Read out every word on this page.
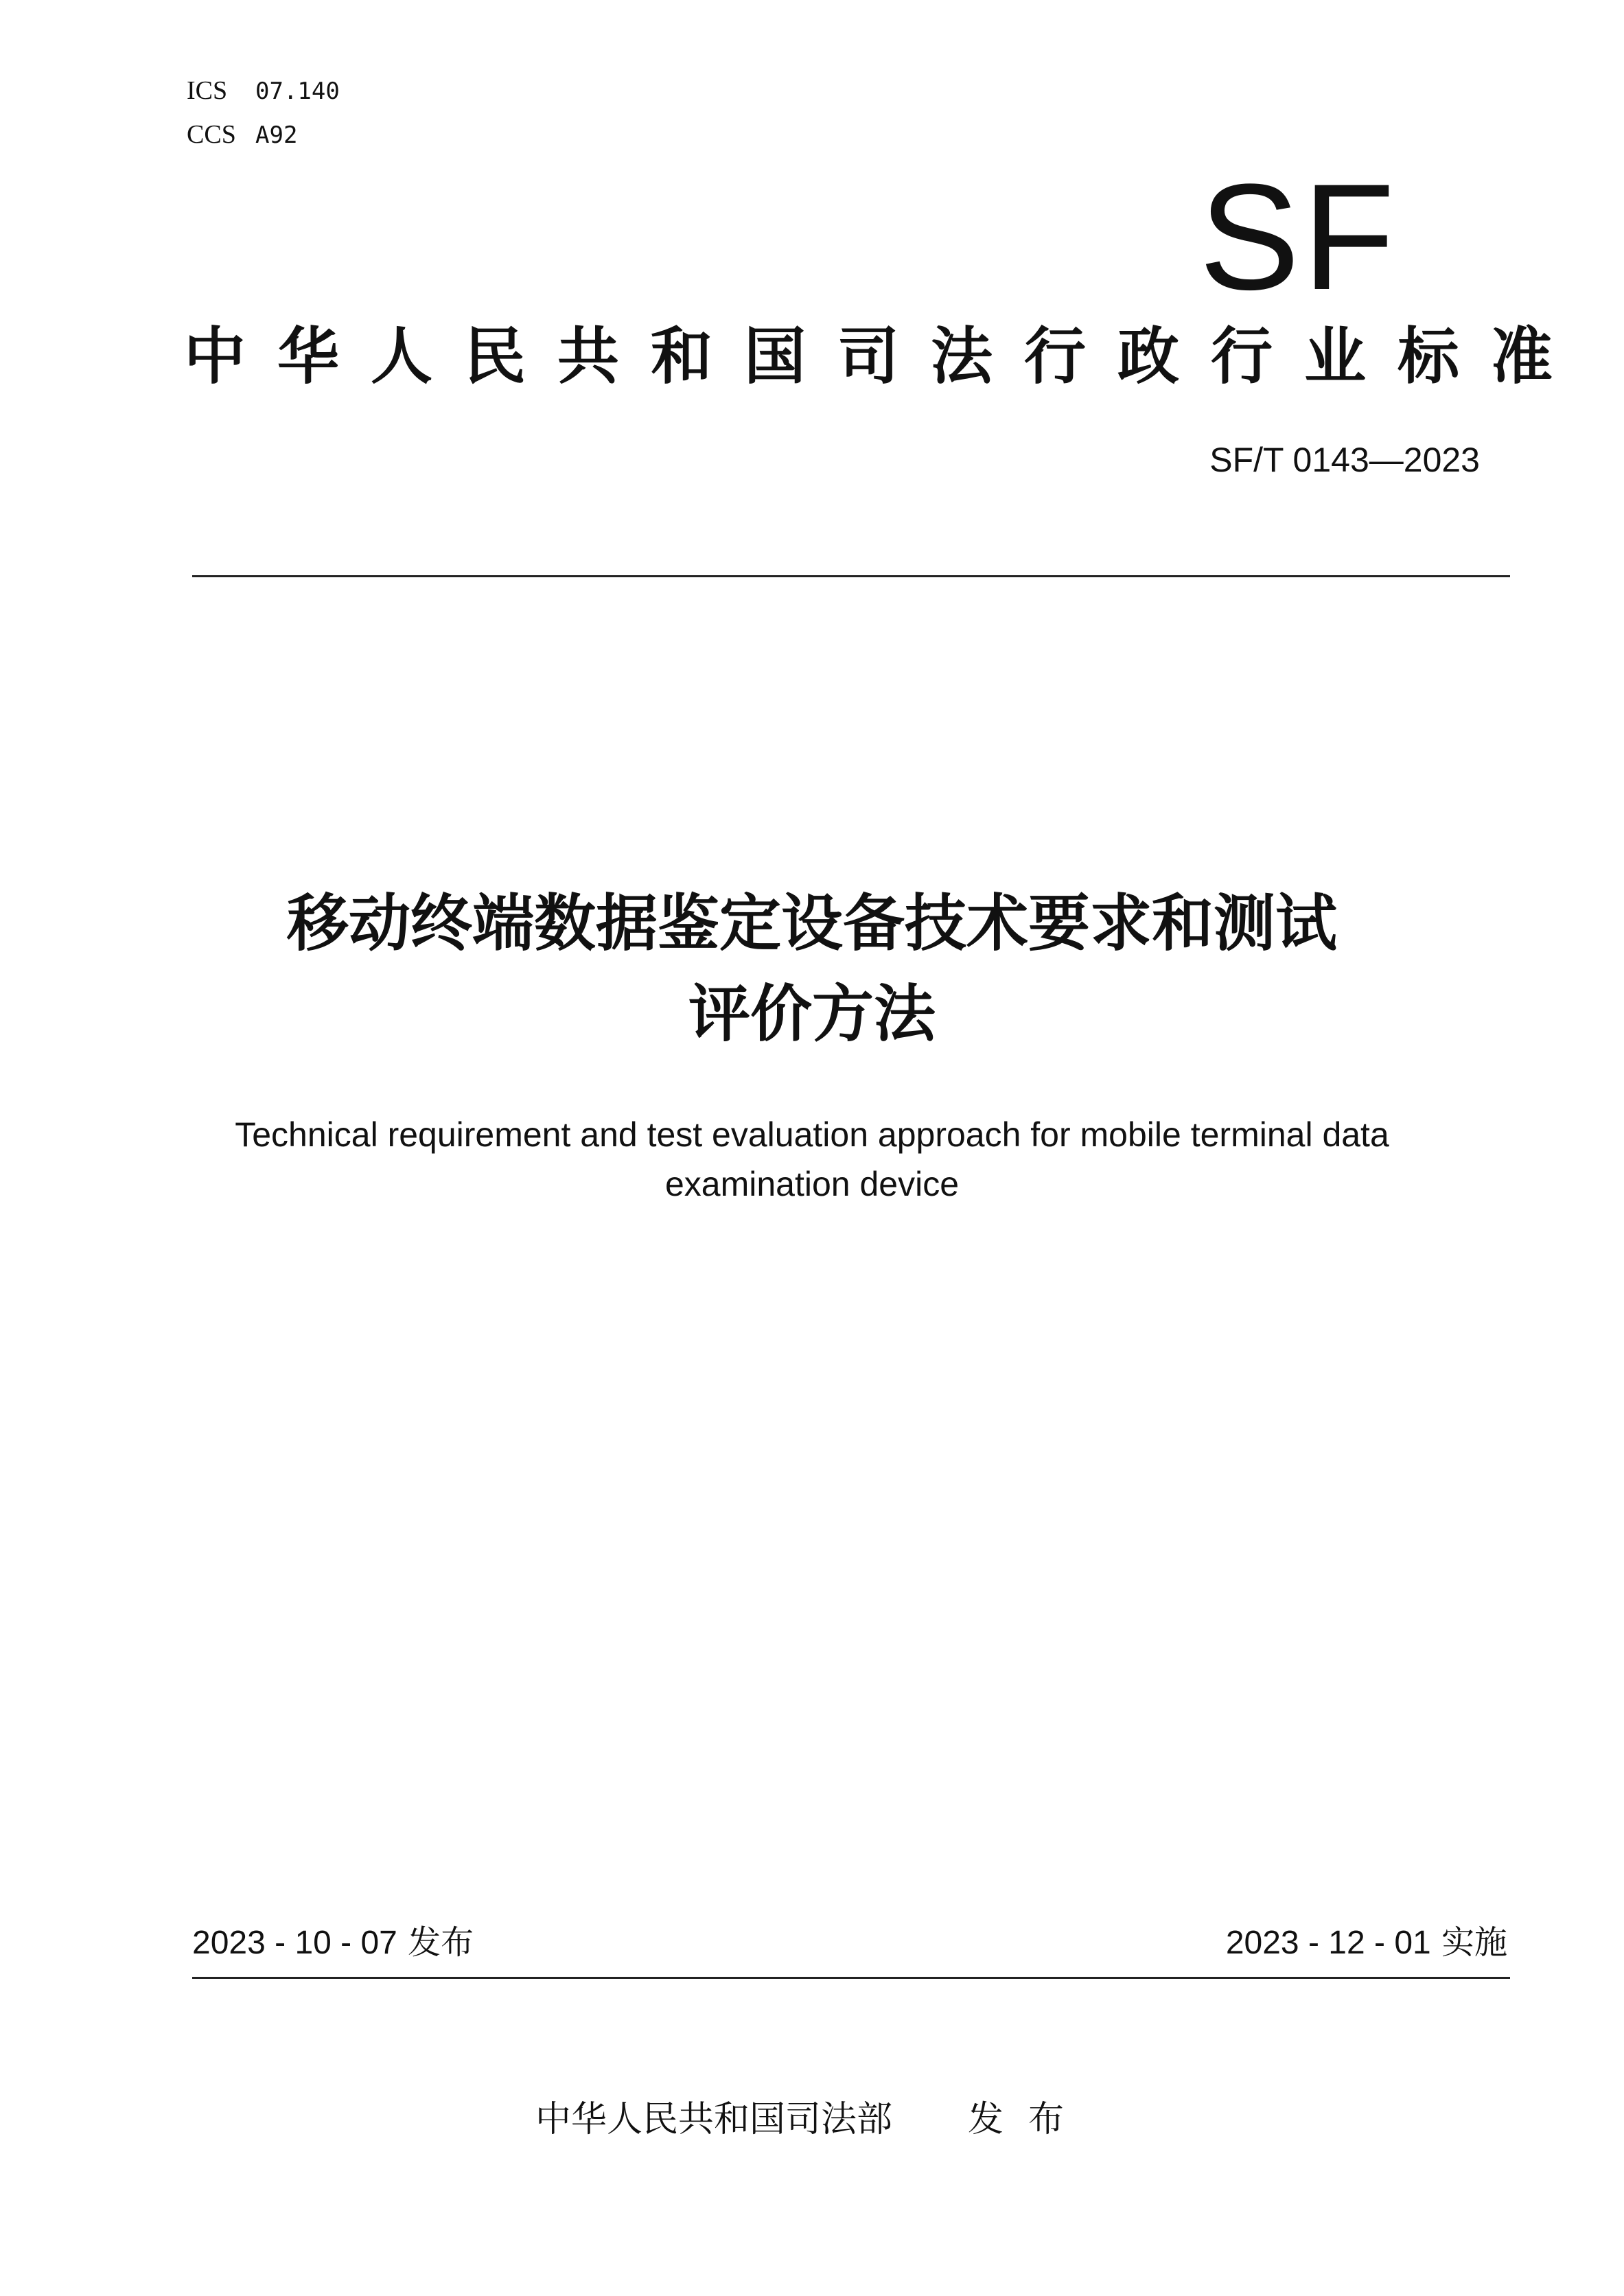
ICS 07.140
CCS A92
SF
中华人民共和国司法行政行业标准
SF/T 0143—2023
移动终端数据鉴定设备技术要求和测试
评价方法
Technical requirement and test evaluation approach for mobile terminal data
examination device
2023 - 10 - 07 发布	2023 - 12 - 01 实施
中华人民共和国司法部 发布
